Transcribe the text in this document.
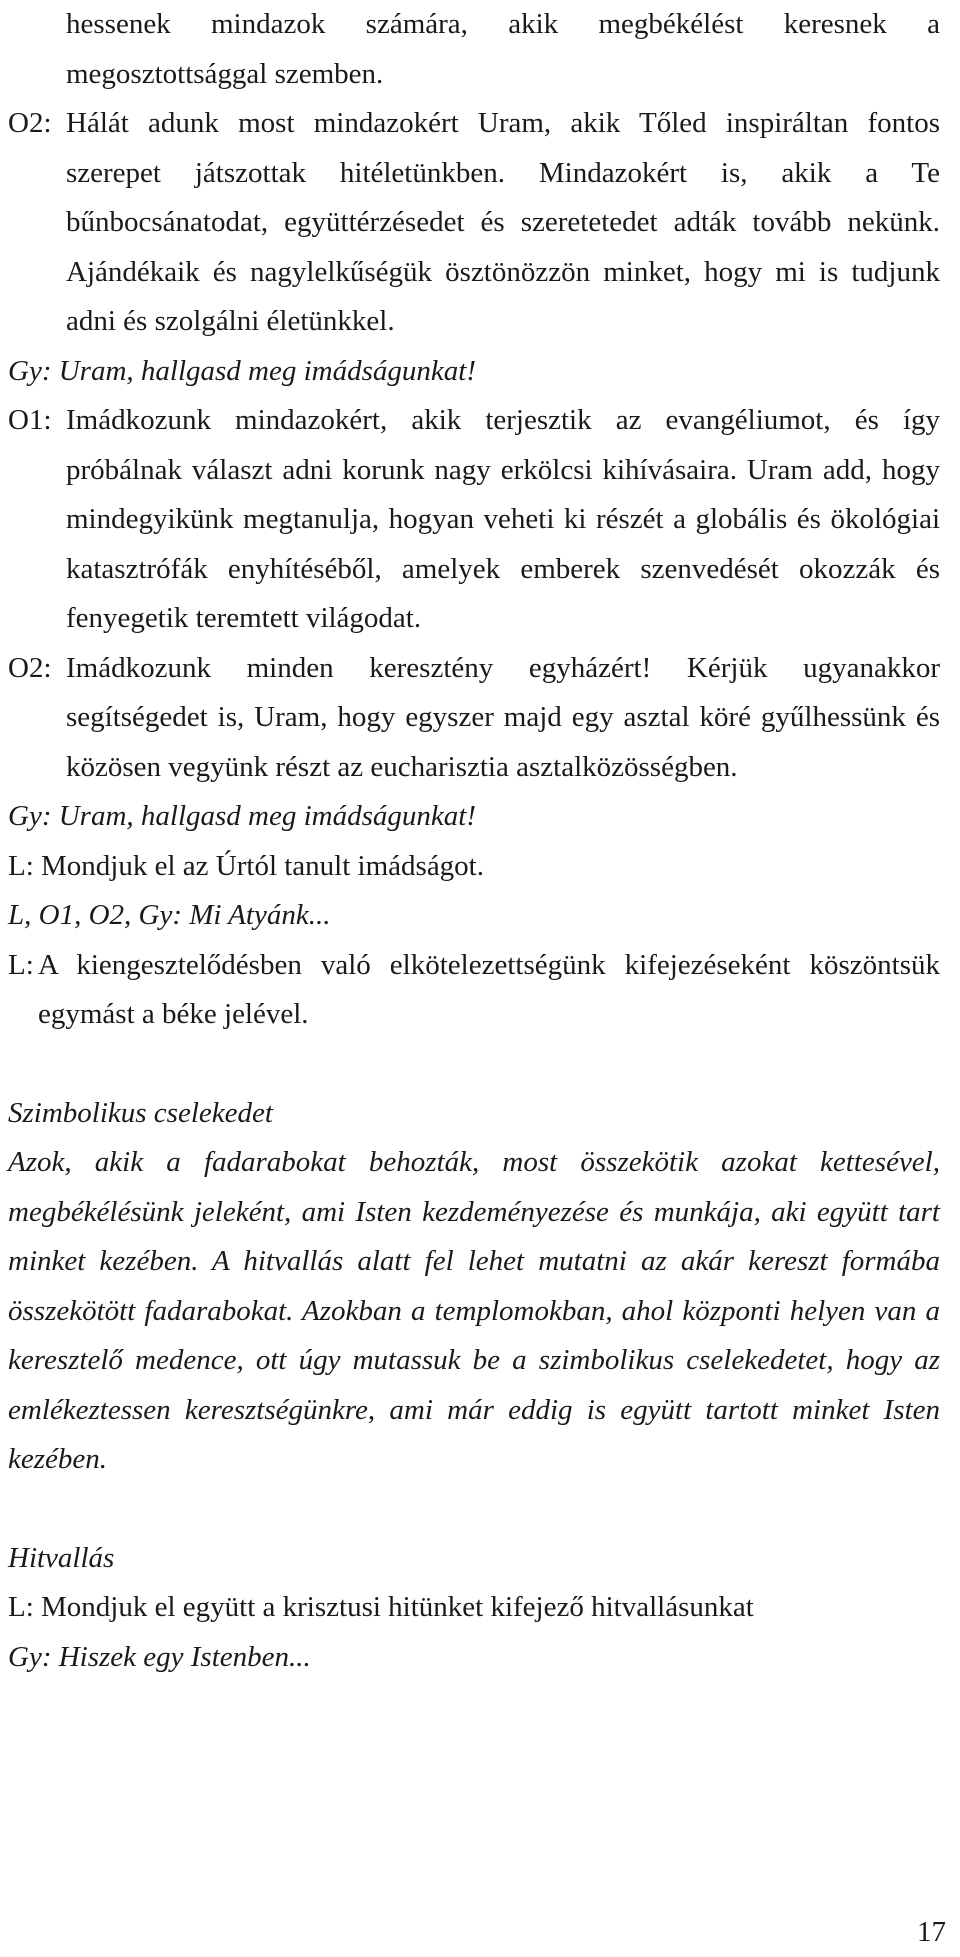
hessenek mindazok számára, akik megbékélést keresnek a megosztottsággal szemben.

O2: Hálát adunk most mindazokért Uram, akik Tőled inspiráltan fontos szerepet játszottak hitéletünkben. Mindazokért is, akik a Te bűnbocsánatodat, együttérzésedet és szeretetedet adták tovább nekünk. Ajándékaik és nagylelkűségük ösztönözzön minket, hogy mi is tudjunk adni és szolgálni életünkkel.

Gy: Uram, hallgasd meg imádságunkat!

O1: Imádkozunk mindazokért, akik terjesztik az evangéliumot, és így próbálnak választ adni korunk nagy erkölcsi kihívásaira. Uram add, hogy mindegyikünk megtanulja, hogyan veheti ki részét a globális és ökológiai katasztrófák enyhítéséből, amelyek emberek szenvedését okozzák és fenyegetik teremtett világodat.
O2: Imádkozunk minden keresztény egyházért! Kérjük ugyanakkor segítségedet is, Uram, hogy egyszer majd egy asztal köré gyűlhessünk és közösen vegyünk részt az eucharisztia asztalközösségben.

Gy: Uram, hallgasd meg imádságunkat!

L: Mondjuk el az Úrtól tanult imádságot.

L, O1, O2, Gy: Mi Atyánk...

L: A kiengesztelődésben való elkötelezettségünk kifejezéseként köszöntsük egymást a béke jelével.

Szimbolikus cselekedet

Azok, akik a fadarabokat behozták, most összekötik azokat kettesével, megbékélésünk jeleként, ami Isten kezdeményezése és munkája, aki együtt tart minket kezében. A hitvallás alatt fel lehet mutatni az akár kereszt formába összekötött fadarabokat. Azokban a templomokban, ahol központi helyen van a keresztelő medence, ott úgy mutassuk be a szimbolikus cselekedetet, hogy az emlékeztessen keresztségünkre, ami már eddig is együtt tartott minket Isten kezében.

Hitvallás

L: Mondjuk el együtt a krisztusi hitünket kifejező hitvallásunkat

Gy: Hiszek egy Istenben...

17
